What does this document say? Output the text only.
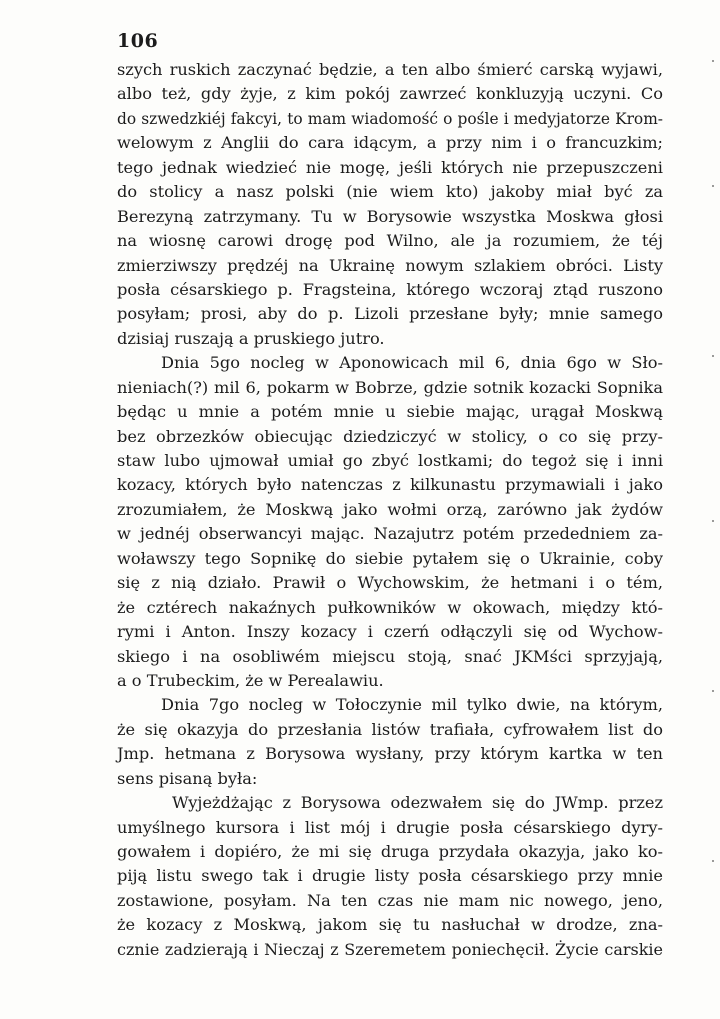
106
szych ruskich zaczynać będzie, a ten albo śmierć carską wyjawi,
albo też, gdy żyje, z kim pokój zawrzeć konkluzyją uczyni. Co
do szwedzkiéj fakcyi, to mam wiadomość o pośle i medyjatorze Krom-
welowym z Anglii do cara idącym, a przy nim i o francuzkim;
tego jednak wiedzieć nie mogę, jeśli których nie przepuszczeni
do stolicy a nasz polski (nie wiem kto) jakoby miał być za
Berezyną zatrzymany. Tu w Borysowie wszystka Moskwa głosi
na wiosnę carowi drogę pod Wilno, ale ja rozumiem, że téj
zmierziwszy prędzéj na Ukrainę nowym szlakiem obróci. Listy
posła césarskiego p. Fragsteina, którego wczoraj ztąd ruszono
posyłam; prosi, aby do p. Lizoli przesłane były; mnie samego
dzisiaj ruszają a pruskiego jutro.
Dnia 5go nocleg w Aponowicach mil 6, dnia 6go w Sło-
nieniach(?) mil 6, pokarm w Bobrze, gdzie sotnik kozacki Sopnika
będąc u mnie a potém mnie u siebie mając, urągał Moskwą
bez obrzezków obiecując dziedziczyć w stolicy, o co się przy-
staw lubo ujmował umiał go zbyć lostkami; do tegoż się i inni
kozacy, których było natenczas z kilkunastu przymawiali i jako
zrozumiałem, że Moskwą jako wołmi orzą, zarówno jak żydów
w jednéj obserwancyi mając. Nazajutrz potém przededniem za-
woławszy tego Sopnikę do siebie pytałem się o Ukrainie, coby
się z nią działo. Prawił o Wychowskim, że hetmani i o tém,
że cztérech nakaźnych pułkowników w okowach, między któ-
rymi i Anton. Inszy kozacy i czerń odłączyli się od Wychow-
skiego i na osobliwém miejscu stoją, snać JKMści sprzyjają,
a o Trubeckim, że w Perealawiu.
Dnia 7go nocleg w Tołoczynie mil tylko dwie, na którym,
że się okazyja do przesłania listów trafiała, cyfrowałem list do
Jmp. hetmana z Borysowa wysłany, przy którym kartka w ten
sens pisaną była:
Wyjeżdżając z Borysowa odezwałem się do JWmp. przez
umyślnego kursora i list mój i drugie posła césarskiego dyry-
gowałem i dopiéro, że mi się druga przydała okazyja, jako ko-
piją listu swego tak i drugie listy posła césarskiego przy mnie
zostawione, posyłam. Na ten czas nie mam nic nowego, jeno,
że kozacy z Moskwą, jakom się tu nasłuchał w drodze, zna-
cznie zadzierają i Nieczaj z Szeremetem poniechęcił. Życie carskie
